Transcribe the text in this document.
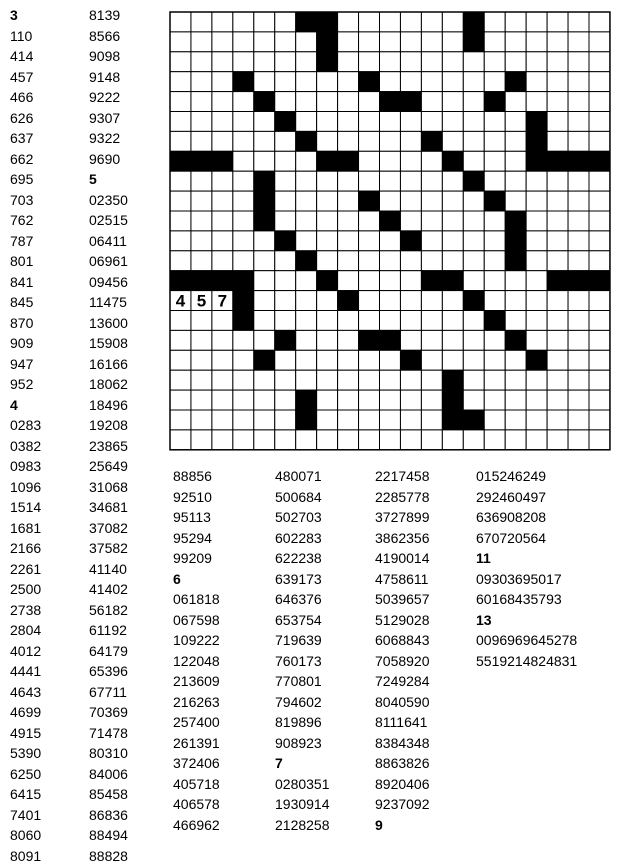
3
110
414
457
466
626
637
662
695
703
762
787
801
841
845
870
909
947
952
4
0283
0382
0983
1096
1514
1681
2166
2261
2500
2738
2804
4012
4441
4643
4699
4915
5390
6250
6415
7401
8060
8091
8139
8566
9098
9148
9222
9307
9322
9690
5
02350
02515
06411
06961
09456
11475
13600
15908
16166
18062
18496
19208
23865
25649
31068
34681
37082
37582
41140
41402
56182
61192
64179
65396
67711
70369
71478
80310
84006
85458
86836
88494
88828
88856
92510
95113
95294
99209
6
061818
067598
109222
122048
213609
216263
257400
261391
372406
405718
406578
466962
480071
500684
502703
602283
622238
639173
646376
653754
719639
760173
770801
794602
819896
908923
7
0280351
1930914
2128258
2217458
2285778
3727899
3862356
4190014
4758611
5039657
5129028
6068843
7058920
7249284
8040590
8111641
8384348
8863826
8920406
9237092
9
015246249
292460497
636908208
670720564
11
09303695017
60168435793
13
0096969645278
5519214824831
4 5 7
